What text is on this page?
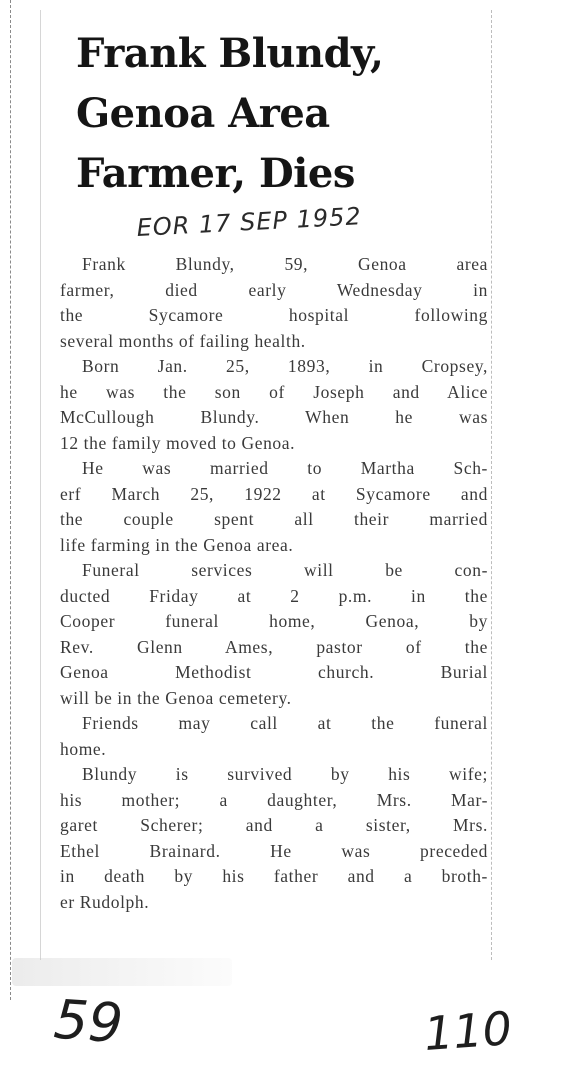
Frank Blundy,
Genoa Area
Farmer, Dies
EOR 17 SEP 1952
Frank Blundy, 59, Genoa area
farmer, died early Wednesday in
the Sycamore hospital following
several months of failing health.
Born Jan. 25, 1893, in Cropsey,
he was the son of Joseph and Alice
McCullough Blundy. When he was
12 the family moved to Genoa.
He was married to Martha Sch-
erf March 25, 1922 at Sycamore and
the couple spent all their married
life farming in the Genoa area.
Funeral services will be con-
ducted Friday at 2 p.m. in the
Cooper funeral home, Genoa, by
Rev. Glenn Ames, pastor of the
Genoa Methodist church. Burial
will be in the Genoa cemetery.
Friends may call at the funeral
home.
Blundy is survived by his wife;
his mother; a daughter, Mrs. Mar-
garet Scherer; and a sister, Mrs.
Ethel Brainard. He was preceded
in death by his father and a broth-
er Rudolph.
59	110
